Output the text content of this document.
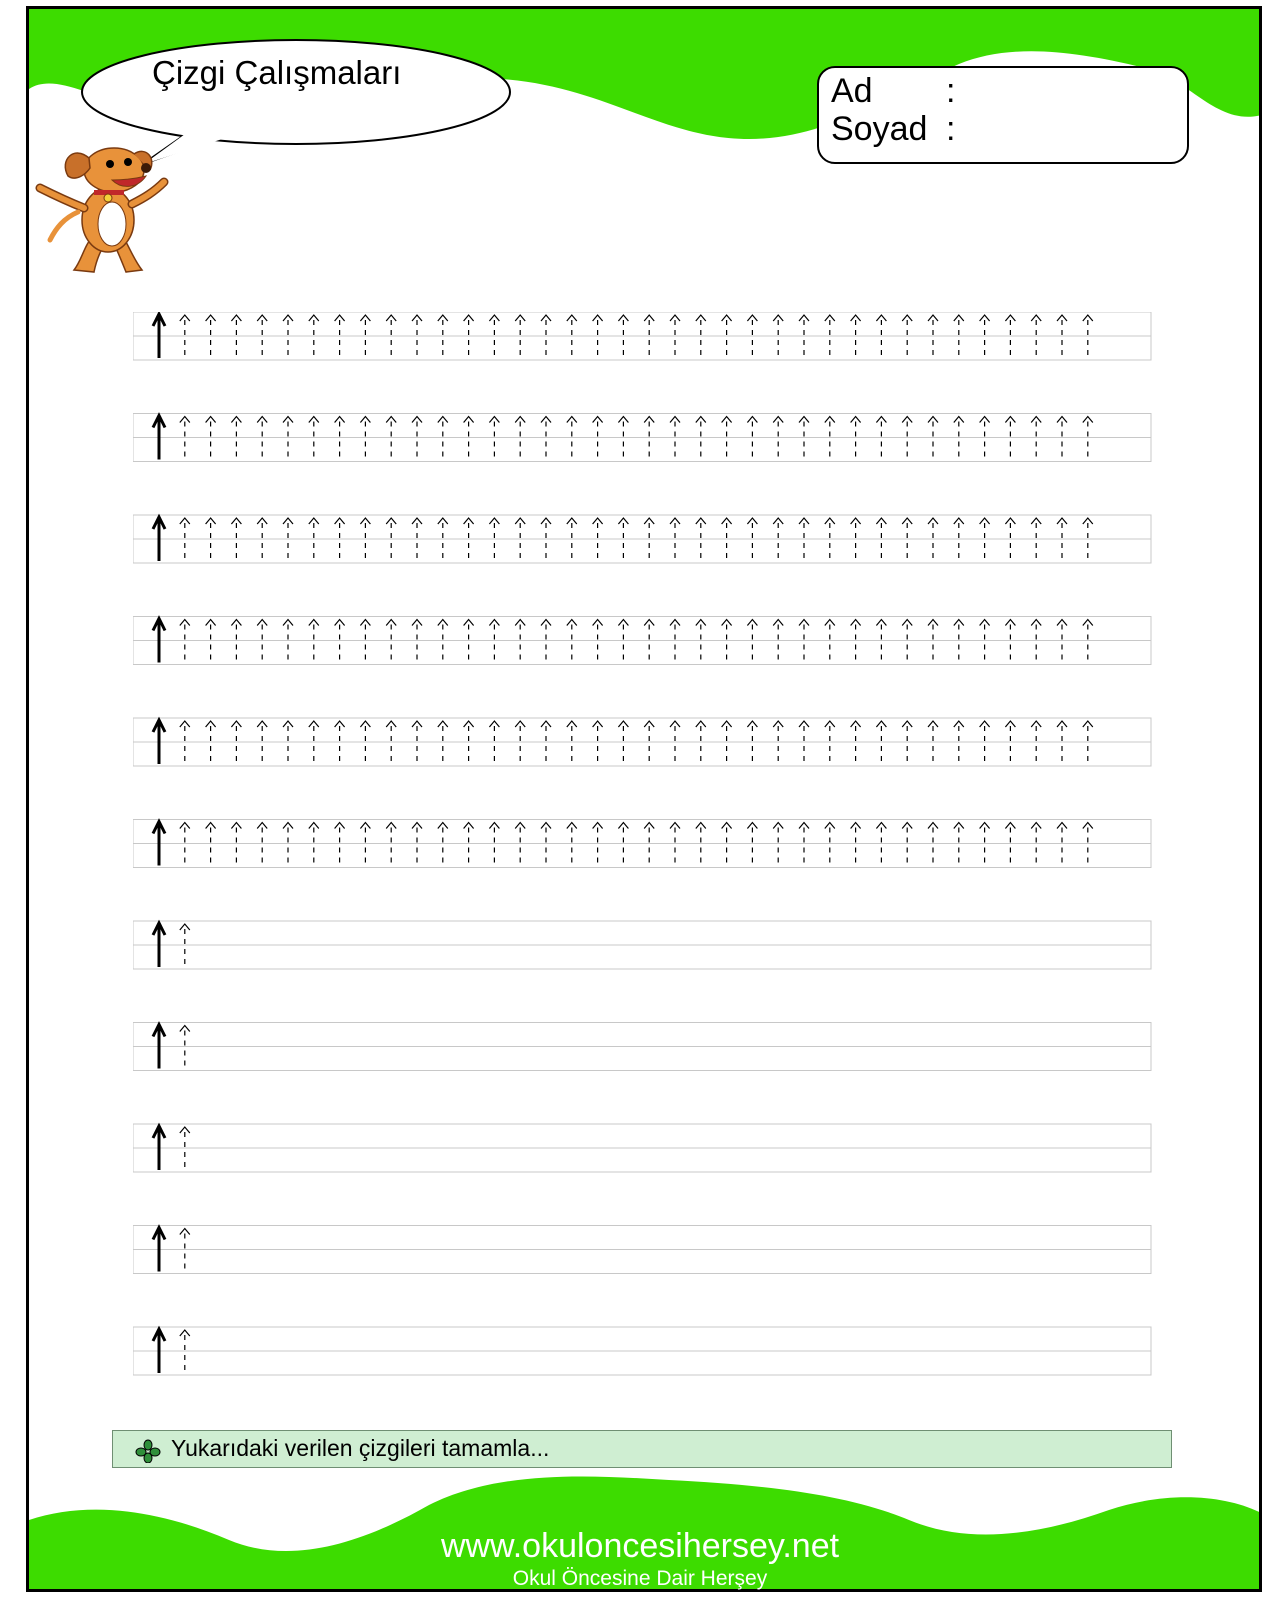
Çizgi Çalışmaları	Ad :
Soyad :
Yukarıdaki verilen çizgileri tamamla...
www.okuloncesihersey.net
Okul Öncesine Dair Herşey
